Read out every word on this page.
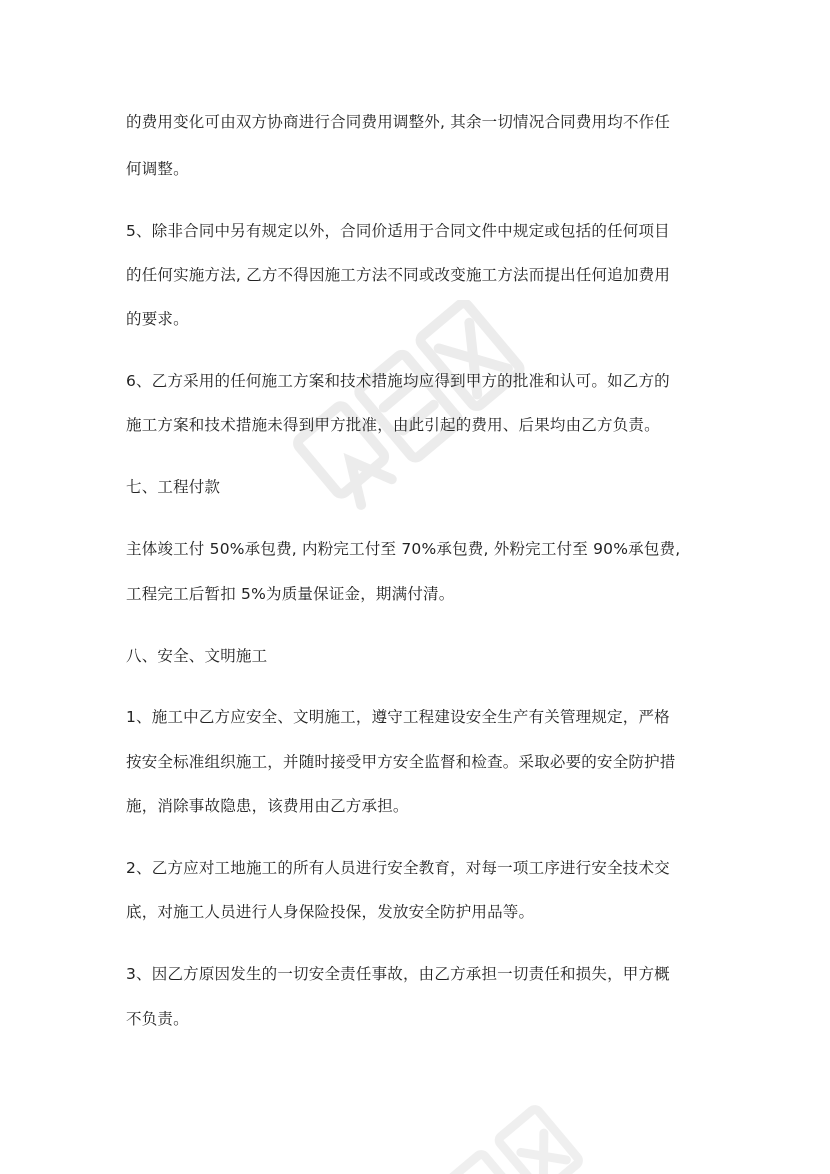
的费用变化可由双方协商进行合同费用调整外, 其余一切情况合同费用均不作任

何调整。

5、除非合同中另有规定以外，合同价适用于合同文件中规定或包括的任何项目

的任何实施方法, 乙方不得因施工方法不同或改变施工方法而提出任何追加费用

的要求。

6、乙方采用的任何施工方案和技术措施均应得到甲方的批准和认可。如乙方的

施工方案和技术措施未得到甲方批准，由此引起的费用、后果均由乙方负责。

七、工程付款

主体竣工付 50%承包费, 内粉完工付至 70%承包费, 外粉完工付至 90%承包费,

工程完工后暂扣 5%为质量保证金，期满付清。

八、安全、文明施工

1、施工中乙方应安全、文明施工，遵守工程建设安全生产有关管理规定，严格

按安全标准组织施工，并随时接受甲方安全监督和检查。采取必要的安全防护措

施，消除事故隐患，该费用由乙方承担。

2、乙方应对工地施工的所有人员进行安全教育，对每一项工序进行安全技术交

底，对施工人员进行人身保险投保，发放安全防护用品等。

3、因乙方原因发生的一切安全责任事故，由乙方承担一切责任和损失，甲方概

不负责。
